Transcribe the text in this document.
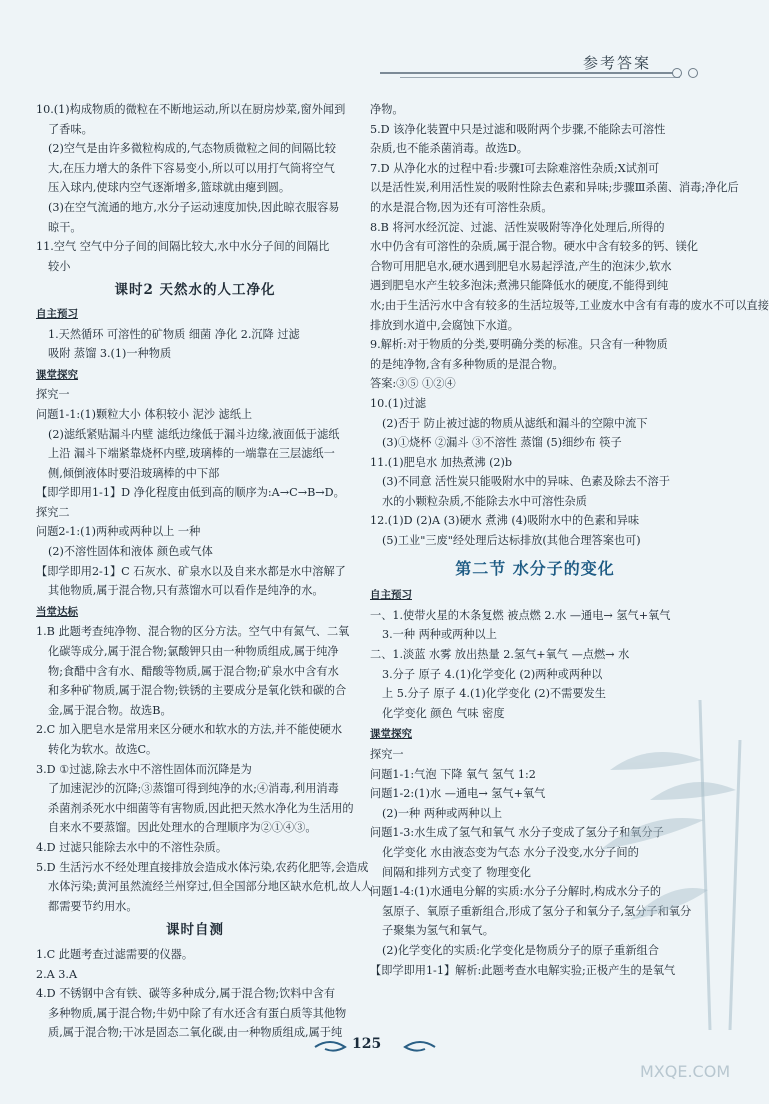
参考答案
10.(1)构成物质的微粒在不断地运动,所以在厨房炒菜,窗外闻到
了香味。
(2)空气是由许多微粒构成的,气态物质微粒之间的间隔比较
大,在压力增大的条件下容易变小,所以可以用打气筒将空气
压入球内,使球内空气逐渐增多,篮球就由瘪到圆。
(3)在空气流通的地方,水分子运动速度加快,因此晾衣服容易
晾干。
11.空气 空气中分子间的间隔比较大,水中水分子间的间隔比
较小
课时2 天然水的人工净化
自主预习
1.天然循环 可溶性的矿物质 细菌 净化 2.沉降 过滤
吸附 蒸馏 3.(1)一种物质
课堂探究
探究一
问题1-1:(1)颗粒大小 体积较小 泥沙 滤纸上
(2)滤纸紧贴漏斗内壁 滤纸边缘低于漏斗边缘,液面低于滤纸
上沿 漏斗下端紧靠烧杯内壁,玻璃棒的一端靠在三层滤纸一
侧,倾倒液体时要沿玻璃棒的中下部
【即学即用1-1】D 净化程度由低到高的顺序为:A→C→B→D。
探究二
问题2-1:(1)两种或两种以上 一种
(2)不溶性固体和液体 颜色或气体
【即学即用2-1】C 石灰水、矿泉水以及自来水都是水中溶解了
其他物质,属于混合物,只有蒸馏水可以看作是纯净的水。
当堂达标
1.B 此题考查纯净物、混合物的区分方法。空气中有氮气、二氧
化碳等成分,属于混合物;氯酸钾只由一种物质组成,属于纯净
物;食醋中含有水、醋酸等物质,属于混合物;矿泉水中含有水
和多种矿物质,属于混合物;铁锈的主要成分是氧化铁和碳的合
金,属于混合物。故选B。
2.C 加入肥皂水是常用来区分硬水和软水的方法,并不能使硬水
转化为软水。故选C。
3.D ①过滤,除去水中不溶性固体而沉降是为
了加速泥沙的沉降;③蒸馏可得到纯净的水;④消毒,利用消毒
杀菌剂杀死水中细菌等有害物质,因此把天然水净化为生活用的
自来水不要蒸馏。因此处理水的合理顺序为②①④③。
4.D 过滤只能除去水中的不溶性杂质。
5.D 生活污水不经处理直接排放会造成水体污染,农药化肥等,会造成
水体污染;黄河虽然流经兰州穿过,但全国部分地区缺水危机,故人人
都需要节约用水。
课时自测
1.C 此题考查过滤需要的仪器。
2.A 3.A
4.D 不锈钢中含有铁、碳等多种成分,属于混合物;饮料中含有
多种物质,属于混合物;牛奶中除了有水还含有蛋白质等其他物
质,属于混合物;干冰是固态二氧化碳,由一种物质组成,属于纯
净物。
5.D 该净化装置中只是过滤和吸附两个步骤,不能除去可溶性
杂质,也不能杀菌消毒。故选D。
7.D 从净化水的过程中看:步骤Ⅰ可去除难溶性杂质;X试剂可
以是活性炭,利用活性炭的吸附性除去色素和异味;步骤Ⅲ杀菌、消毒;净化后
的水是混合物,因为还有可溶性杂质。
8.B 将河水经沉淀、过滤、活性炭吸附等净化处理后,所得的
水中仍含有可溶性的杂质,属于混合物。硬水中含有较多的钙、镁化
合物可用肥皂水,硬水遇到肥皂水易起浮渣,产生的泡沫少,软水
遇到肥皂水产生较多泡沫;煮沸只能降低水的硬度,不能得到纯
水;由于生活污水中含有较多的生活垃圾等,工业废水中含有有毒的废水不可以直接
排放到水道中,会腐蚀下水道。
9.解析:对于物质的分类,要明确分类的标准。只含有一种物质
的是纯净物,含有多种物质的是混合物。
答案:③⑤ ①②④
10.(1)过滤
(2)否于 防止被过滤的物质从滤纸和漏斗的空隙中流下
(3)①烧杯 ②漏斗 ③不溶性 蒸馏 (5)细纱布 筷子
11.(1)肥皂水 加热煮沸 (2)b
(3)不同意 活性炭只能吸附水中的异味、色素及除去不溶于
水的小颗粒杂质,不能除去水中可溶性杂质
12.(1)D (2)A (3)硬水 煮沸 (4)吸附水中的色素和异味
(5)工业"三废"经处理后达标排放(其他合理答案也可)
第二节 水分子的变化
自主预习
一、1.使带火星的木条复燃 被点燃 2.水 —通电→ 氢气+氧气
3.一种 两种或两种以上
二、1.淡蓝 水雾 放出热量 2.氢气+氧气 —点燃→ 水
3.分子 原子 4.(1)化学变化 (2)两种或两种以
上 5.分子 原子 4.(1)化学变化 (2)不需要发生
化学变化 颜色 气味 密度
课堂探究
探究一
问题1-1:气泡 下降 氧气 氢气 1:2
问题1-2:(1)水 —通电→ 氢气+氧气
(2)一种 两种或两种以上
问题1-3:水生成了氢气和氧气 水分子变成了氢分子和氧分子
化学变化 水由液态变为气态 水分子没变,水分子间的
间隔和排列方式变了 物理变化
问题1-4:(1)水通电分解的实质:水分子分解时,构成水分子的
氢原子、氧原子重新组合,形成了氢分子和氧分子,氢分子和氧分
子聚集为氢气和氧气。
(2)化学变化的实质:化学变化是物质分子的原子重新组合
【即学即用1-1】解析:此题考查水电解实验;正极产生的是氧气
125
MXQE.COM
